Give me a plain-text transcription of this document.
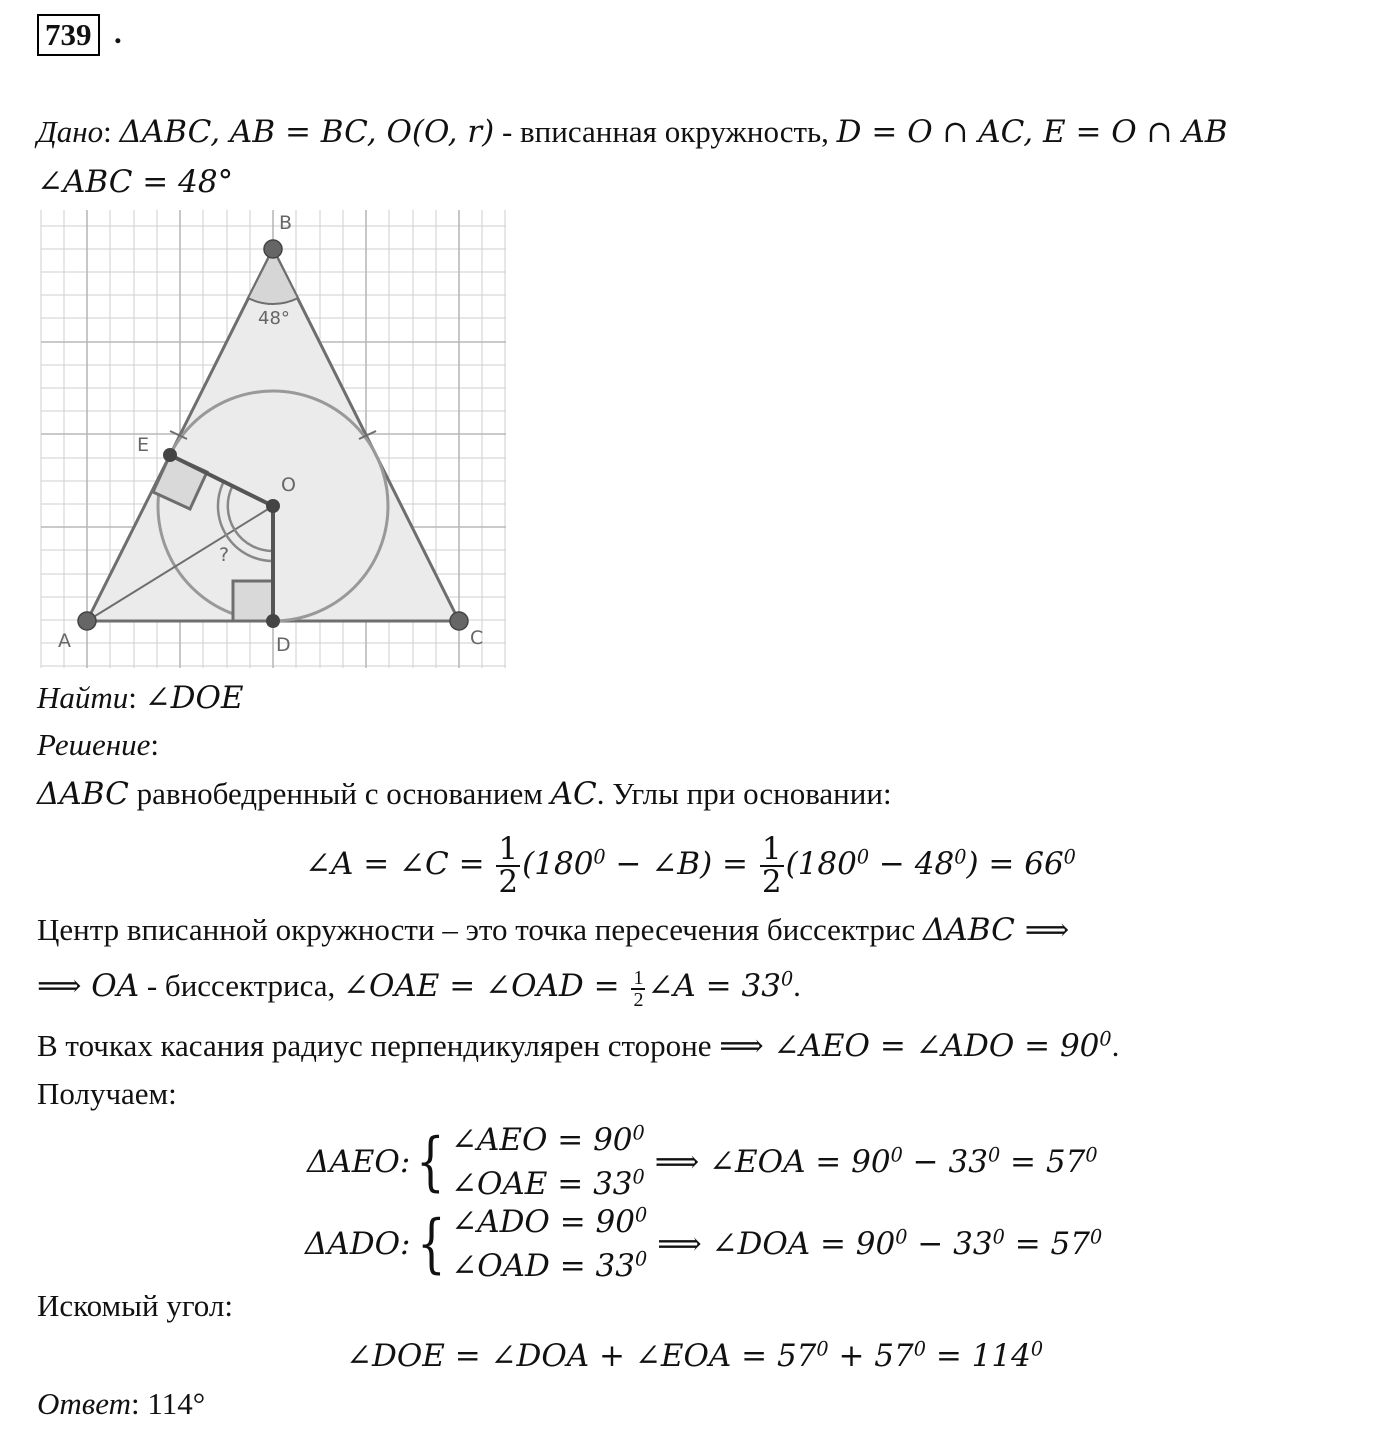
739 .
Дано: ΔABC, AB = BC, O(O, r) - вписанная окружность, D = O ∩ AC, E = O ∩ AB
∠ABC = 48°
B
E
O
A	D	C
48°
?
Найти: ∠DOE
Решение:
ΔABC равнобедренный с основанием AC. Углы при основании:
∠A = ∠C = $\frac{1}{2} (180^0$ − ∠B) = $\frac{1}{2} (180^0 - 48^0) = 66^0$
Центр вписанной окружности – это точка пересечения биссектрис ΔABC ⟹
⟹ OA - биссектриса, ∠OAE = ∠OAD = $\frac{1}{2}$ ∠A = $33^0$.
В точках касания радиус перпендикулярен стороне ⟹ ∠AEO = ∠ADO = $90^0$.
Получаем:
ΔAEO: { ∠AEO = $90^0$
∠OAE = $33^0$ ⟹ ∠EOA = $90^0 - 33^0 = 57^0$
ΔADO: { ∠ADO = $90^0$
∠OAD = $33^0$ ⟹ ∠DOA = $90^0 - 33^0 = 57^0$
Искомый угол:
∠DOE = ∠DOA + ∠EOA = $57^0 + 57^0 = 114^0$
Ответ: 114°
